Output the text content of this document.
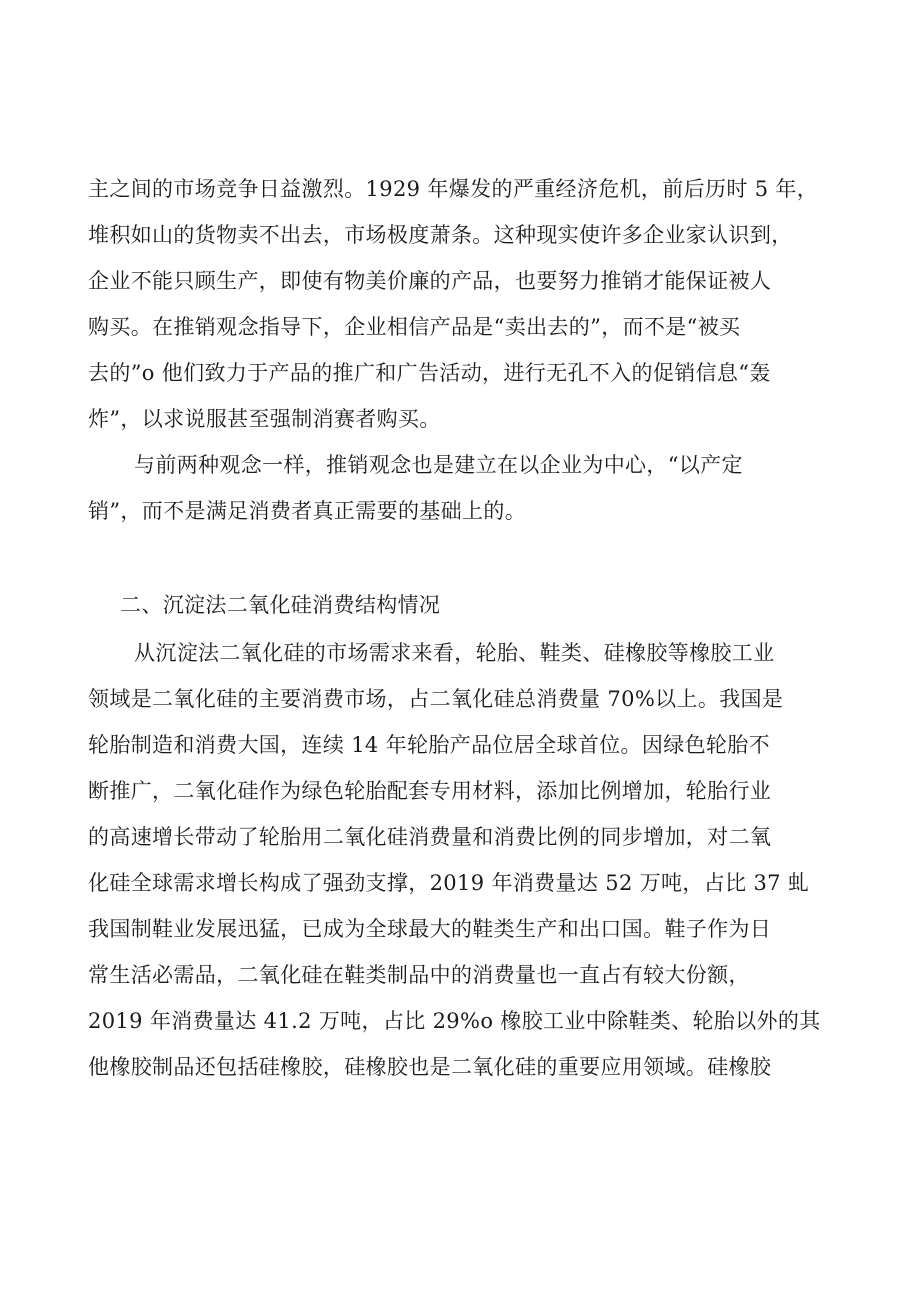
主之间的市场竞争日益激烈。1929 年爆发的严重经济危机，前后历时 5 年，
堆积如山的货物卖不出去，市场极度萧条。这种现实使许多企业家认识到，
企业不能只顾生产，即使有物美价廉的产品，也要努力推销才能保证被人
购买。在推销观念指导下，企业相信产品是“卖出去的”，而不是“被买
去的”o 他们致力于产品的推广和广告活动，进行无孔不入的促销信息“轰
炸”，以求说服甚至强制消赛者购买。
与前两种观念一样，推销观念也是建立在以企业为中心，“以产定
销”，而不是满足消费者真正需要的基础上的。
二、沉淀法二氧化硅消费结构情况
从沉淀法二氧化硅的市场需求来看，轮胎、鞋类、硅橡胶等橡胶工业
领域是二氧化硅的主要消费市场，占二氧化硅总消费量 70%以上。我国是
轮胎制造和消费大国，连续 14 年轮胎产品位居全球首位。因绿色轮胎不
断推广，二氧化硅作为绿色轮胎配套专用材料，添加比例增加，轮胎行业
的高速增长带动了轮胎用二氧化硅消费量和消费比例的同步增加，对二氧
化硅全球需求增长构成了强劲支撑，2019 年消费量达 52 万吨，占比 37 虬
我国制鞋业发展迅猛，已成为全球最大的鞋类生产和出口国。鞋子作为日
常生活必需品，二氧化硅在鞋类制品中的消费量也一直占有较大份额，
2019 年消费量达 41.2 万吨，占比 29%o 橡胶工业中除鞋类、轮胎以外的其
他橡胶制品还包括硅橡胶，硅橡胶也是二氧化硅的重要应用领域。硅橡胶
